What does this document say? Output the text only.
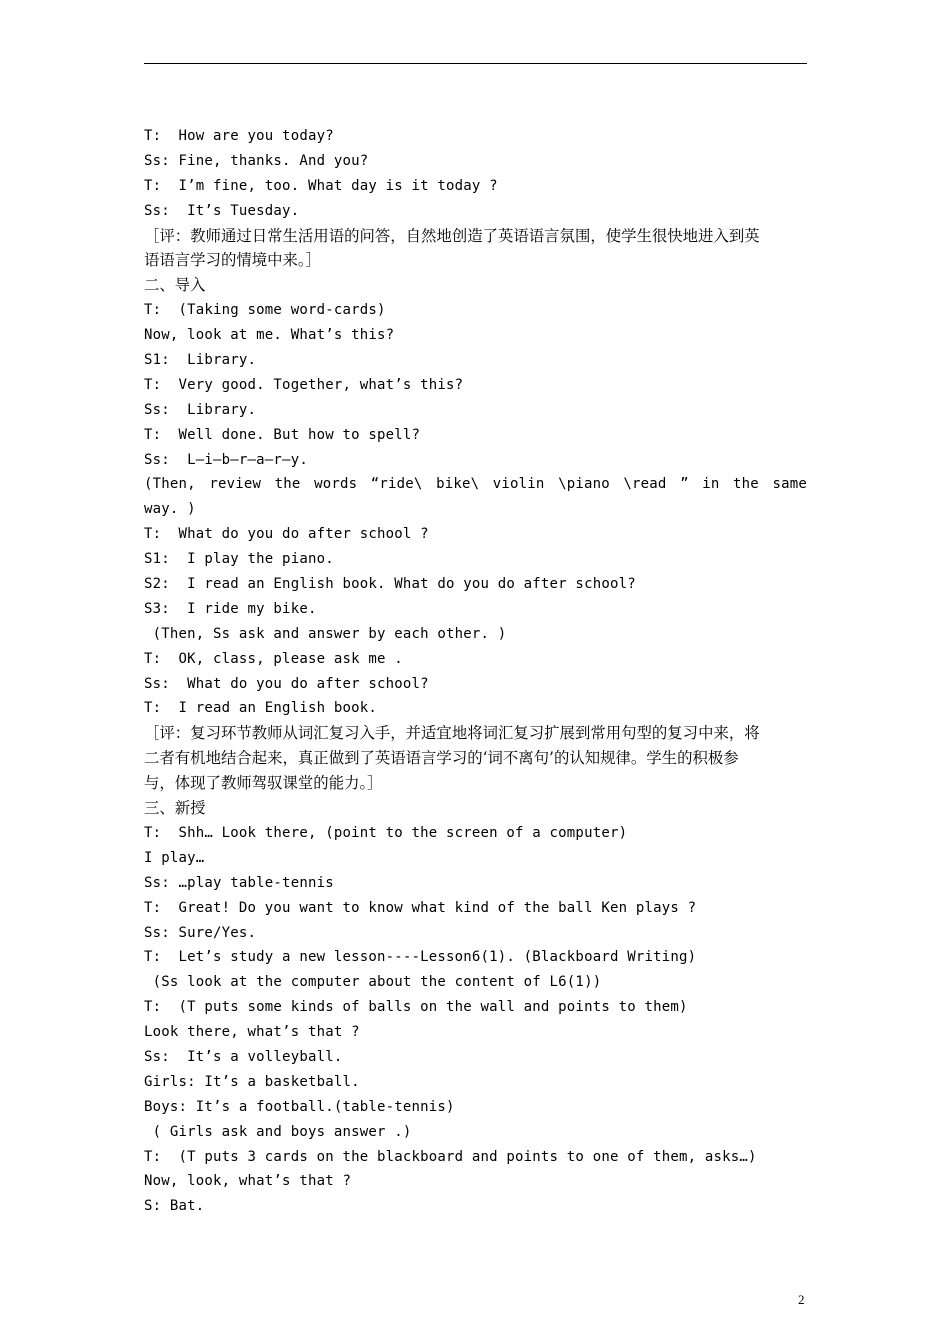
T:  How are you today?
Ss: Fine, thanks. And you?
T:  I’m fine, too. What day is it today ?
Ss:  It’s Tuesday.
［评：教师通过日常生活用语的问答，自然地创造了英语语言氛围，使学生很快地进入到英
语语言学习的情境中来。］
二、导入
T:  (Taking some word-cards)
Now, look at me. What’s this?
S1:  Library.
T:  Very good. Together, what’s this?
Ss:  Library.
T:  Well done. But how to spell?
Ss:  L—i—b—r—a—r—y.
(Then, review the words “ride\ bike\ violin \piano \read ” in the same
way. )
T:  What do you do after school ?
S1:  I play the piano.
S2:  I read an English book. What do you do after school?
S3:  I ride my bike.
(Then, Ss ask and answer by each other. )
T:  OK, class, please ask me .
Ss:  What do you do after school?
T:  I read an English book.
［评：复习环节教师从词汇复习入手，并适宜地将词汇复习扩展到常用句型的复习中来，将
二者有机地结合起来，真正做到了英语语言学习的‘词不离句’的认知规律。学生的积极参
与，体现了教师驾驭课堂的能力。］
三、新授
T:  Shh… Look there, (point to the screen of a computer)
I play…
Ss: …play table-tennis
T:  Great! Do you want to know what kind of the ball Ken plays ?
Ss: Sure/Yes.
T:  Let’s study a new lesson----Lesson6(1). (Blackboard Writing)
(Ss look at the computer about the content of L6(1))
T:  (T puts some kinds of balls on the wall and points to them)
Look there, what’s that ?
Ss:  It’s a volleyball.
Girls: It’s a basketball.
Boys: It’s a football.(table-tennis)
( Girls ask and boys answer .)
T:  (T puts 3 cards on the blackboard and points to one of them, asks…)
Now, look, what’s that ?
S: Bat.
2
